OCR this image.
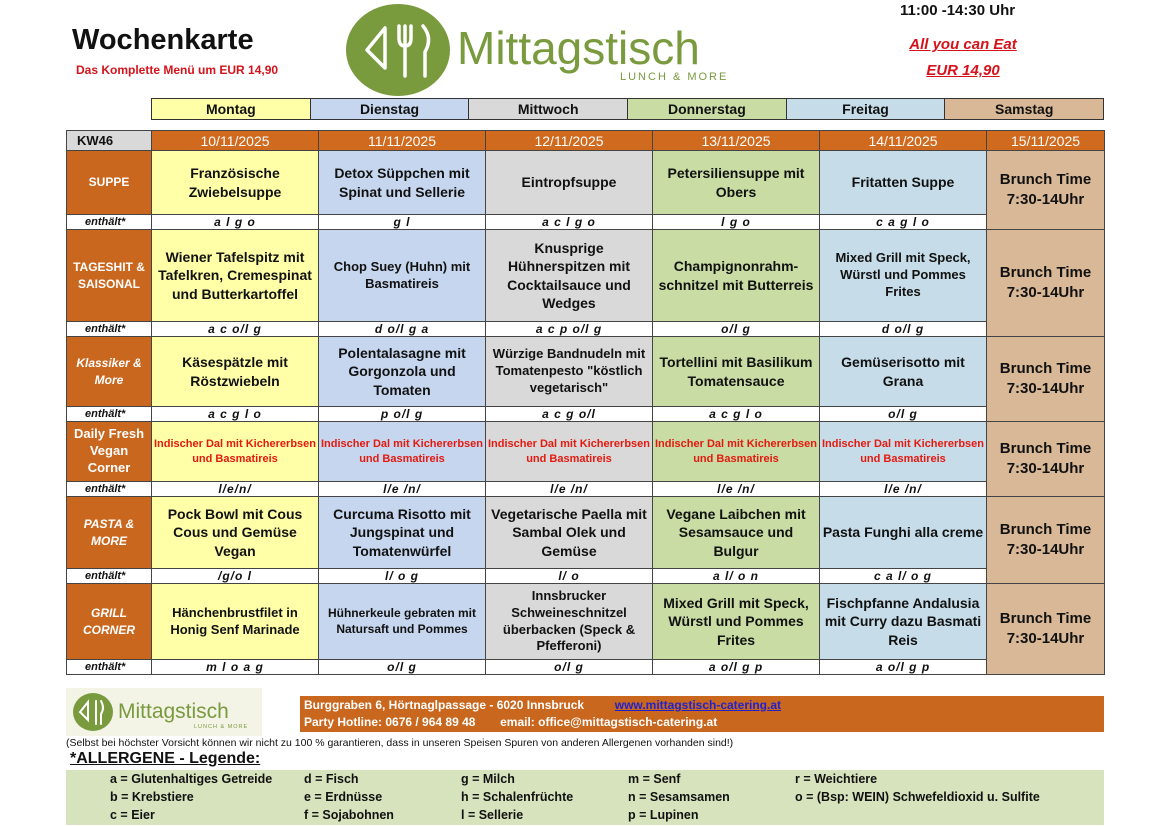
Wochenkarte
Das Komplette Menü um EUR 14,90	Mittagstisch
LUNCH & MORE
11:00 -14:30 Uhr
All you can Eat
EUR 14,90
Montag	Dienstag	Mittwoch	Donnerstag	Freitag	Samstag
KW46	10/11/2025	11/11/2025	12/11/2025	13/11/2025	14/11/2025	15/11/2025
SUPPE	Französische Zwiebelsuppe	Detox Süppchen mit Spinat und Sellerie	Eintropfsuppe	Petersiliensuppe mit Obers	Fritatten Suppe	Brunch Time 7:30-14Uhr
enthält*	a l g o	g l	a c l g o	l g o	c a g l o	
TAGESHIT & SAISONAL	Wiener Tafelspitz mit Tafelkren, Cremespinat und Butterkartoffel	Chop Suey (Huhn) mit Basmatireis	Knusprige Hühnerspitzen mit Cocktailsauce und Wedges	Champignonrahm-schnitzel mit Butterreis	Mixed Grill mit Speck, Würstl und Pommes Frites	Brunch Time 7:30-14Uhr
enthält*	a c o/l g	d o/l g a	a c p o/l g	o/l g	d o/l g	
Klassiker & More	Käsespätzle mit Röstzwiebeln	Polentalasagne mit Gorgonzola und Tomaten	Würzige Bandnudeln mit Tomatenpesto "köstlich vegetarisch"	Tortellini mit Basilikum Tomatensauce	Gemüserisotto mit Grana	Brunch Time 7:30-14Uhr
enthält*	a c g l o	p o/l g	a c g o/l	a c g l o	o/l g	
Daily Fresh Vegan Corner	Indischer Dal mit Kichererbsen und Basmatireis	Indischer Dal mit Kichererbsen und Basmatireis	Indischer Dal mit Kichererbsen und Basmatireis	Indischer Dal mit Kichererbsen und Basmatireis	Indischer Dal mit Kichererbsen und Basmatireis	Brunch Time 7:30-14Uhr
enthält*	l/e/n/	l/e /n/	l/e /n/	l/e /n/	l/e /n/	
PASTA & MORE	Pock Bowl mit Cous Cous und Gemüse Vegan	Curcuma Risotto mit Jungspinat und Tomatenwürfel	Vegetarische Paella mit Sambal Olek und Gemüse	Vegane Laibchen mit Sesamsauce und Bulgur	Pasta Funghi alla creme	Brunch Time 7:30-14Uhr
enthält*	/g/o l	l/ o g	l/ o	a l/ o n	c a l/ o g	
GRILL CORNER	Hänchenbrustfilet in Honig Senf Marinade	Hühnerkeule gebraten mit Natursaft und Pommes	Innsbrucker Schweineschnitzel überbacken (Speck & Pfefferoni)	Mixed Grill mit Speck, Würstl und Pommes Frites	Fischpfanne Andalusia mit Curry dazu Basmati Reis	Brunch Time 7:30-14Uhr
enthält*	m l o a g	o/l g	o/l g	a o/l g p	a o/l g p	
Mittagstisch
LUNCH & MORE
Burggraben 6, Hörtnaglpassage - 6020 Innsbruck	www.mittagstisch-catering.at
Party Hotline: 0676 / 964 89 48 email: office@mittagstisch-catering.at
(Selbst bei höchster Vorsicht können wir nicht zu 100 % garantieren, dass in unseren Speisen Spuren von anderen Allergenen vorhanden sind!)
*ALLERGENE - Legende:
a = Glutenhaltiges Getreide	d = Fisch	g = Milch	m = Senf	r = Weichtiere
b = Krebstiere	e = Erdnüsse	h = Schalenfrüchte	n = Sesamsamen	o = (Bsp: WEIN) Schwefeldioxid u. Sulfite
c = Eier	f = Sojabohnen	l = Sellerie	p = Lupinen
